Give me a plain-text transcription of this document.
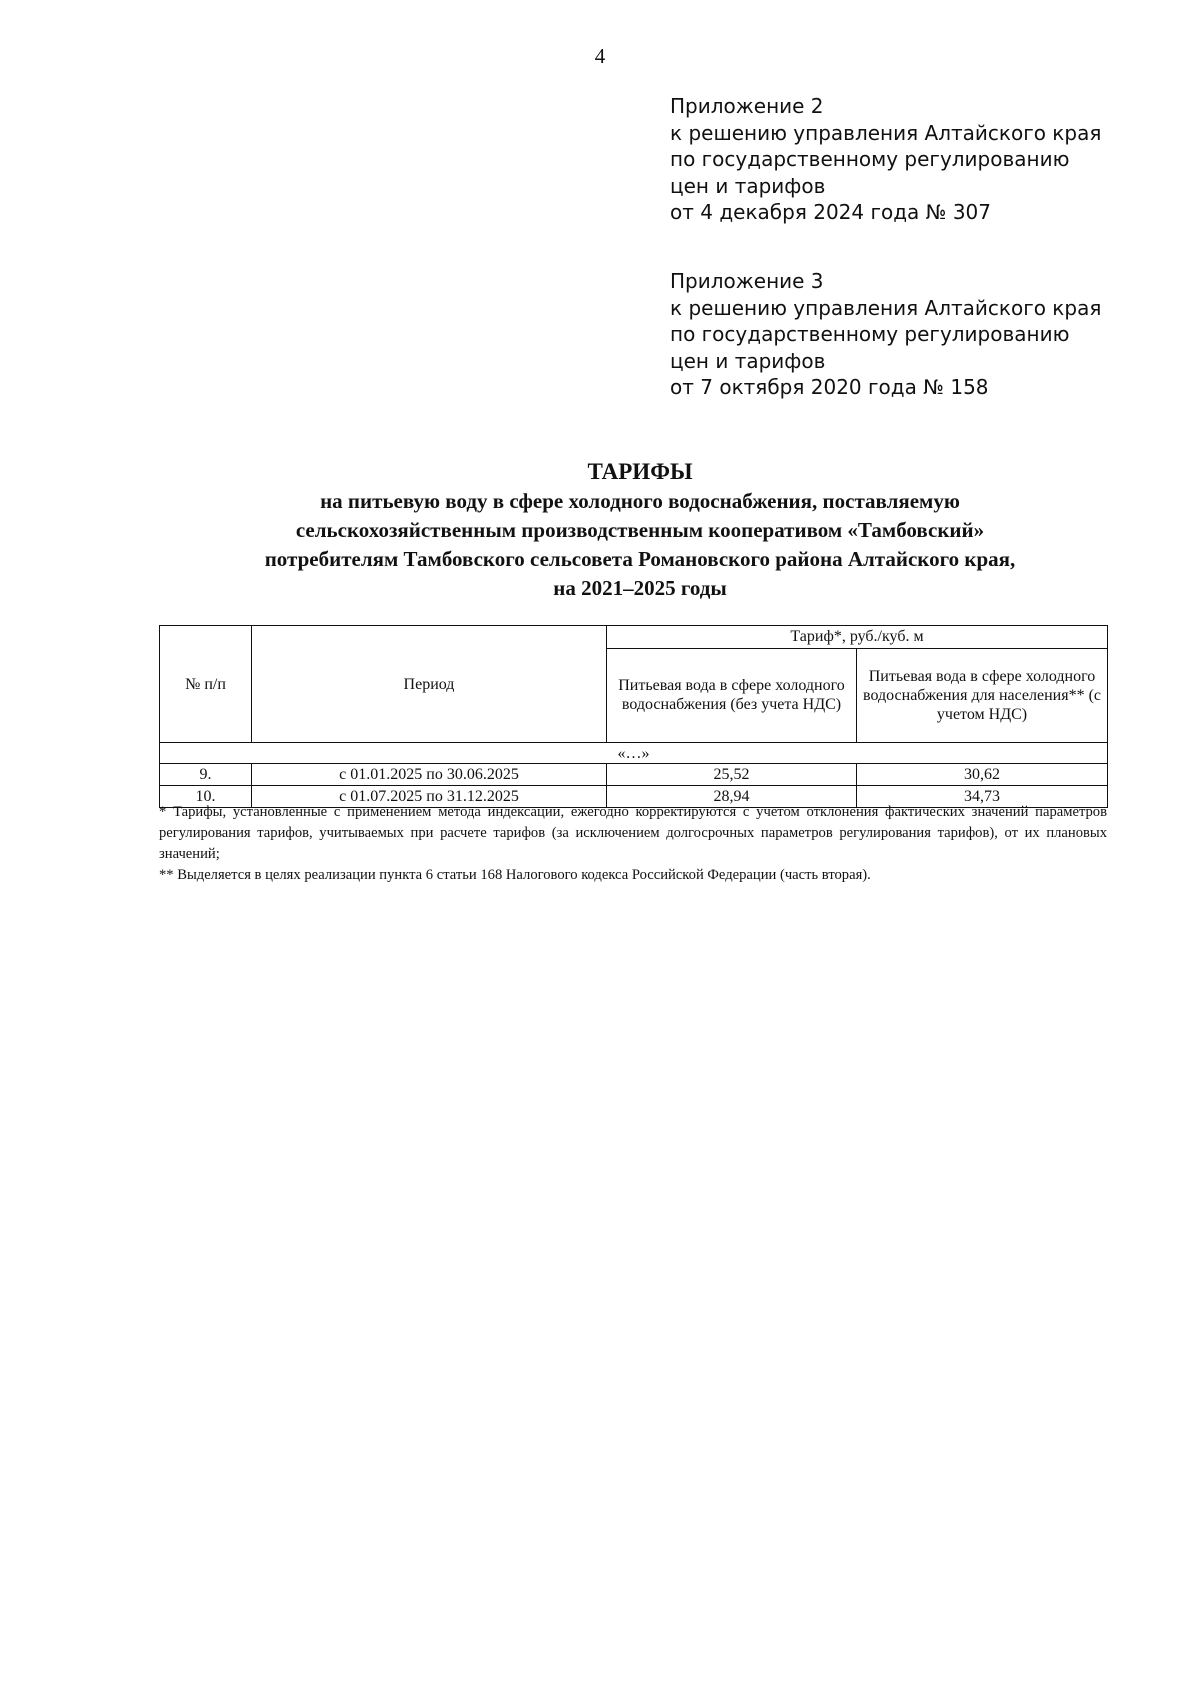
4
Приложение 2
к решению управления Алтайского края
по государственному регулированию
цен и тарифов
от 4 декабря 2024 года № 307
Приложение 3
к решению управления Алтайского края
по государственному регулированию
цен и тарифов
от 7 октября 2020 года № 158
ТАРИФЫ
на питьевую воду в сфере холодного водоснабжения, поставляемую
сельскохозяйственным производственным кооперативом «Тамбовский»
потребителям Тамбовского сельсовета Романовского района Алтайского края,
на 2021–2025 годы
№ п/п	Период	Тариф*, руб./куб. м	
		Питьевая вода в сфере холодного водоснабжения (без учета НДС)	Питьевая вода в сфере холодного водоснабжения для населения** (с учетом НДС)
«…»			
9.	с 01.01.2025 по 30.06.2025	25,52	30,62
10.	с 01.07.2025 по 31.12.2025	28,94	34,73

* Тарифы, установленные с применением метода индексации, ежегодно корректируются с учетом отклонения фактических значений параметров регулирования тарифов, учитываемых при расчете тарифов (за исключением долгосрочных параметров регулирования тарифов), от их плановых значений;

** Выделяется в целях реализации пункта 6 статьи 168 Налогового кодекса Российской Федерации (часть вторая).
